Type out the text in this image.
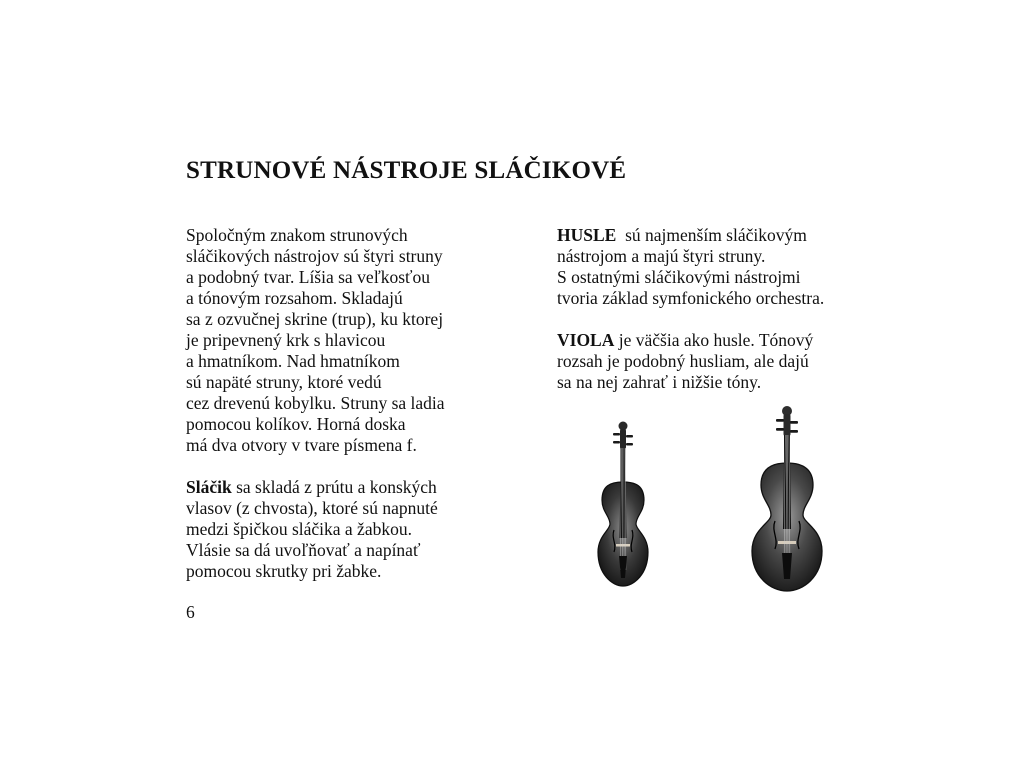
STRUNOVÉ NÁSTROJE SLÁČIKOVÉ
Spoločným znakom strunových
sláčikových nástrojov sú štyri struny
a podobný tvar. Líšia sa veľkosťou
a tónovým rozsahom. Skladajú
sa z ozvučnej skrine (trup), ku ktorej
je pripevnený krk s hlavicou
a hmatníkom. Nad hmatníkom
sú napäté struny, ktoré vedú
cez drevenú kobylku. Struny sa ladia
pomocou kolíkov. Horná doska
má dva otvory v tvare písmena f.
Sláčik sa skladá z prútu a konských
vlasov (z chvosta), ktoré sú napnuté
medzi špičkou sláčika a žabkou.
Vlásie sa dá uvoľňovať a napínať
pomocou skrutky pri žabke.
HUSLE  sú najmenším sláčikovým
nástrojom a majú štyri struny.
S ostatnými sláčikovými nástrojmi
tvoria základ symfonického orchestra.
VIOLA je väčšia ako husle. Tónový
rozsah je podobný husliam, ale dajú
sa na nej zahrať i nižšie tóny.
6
